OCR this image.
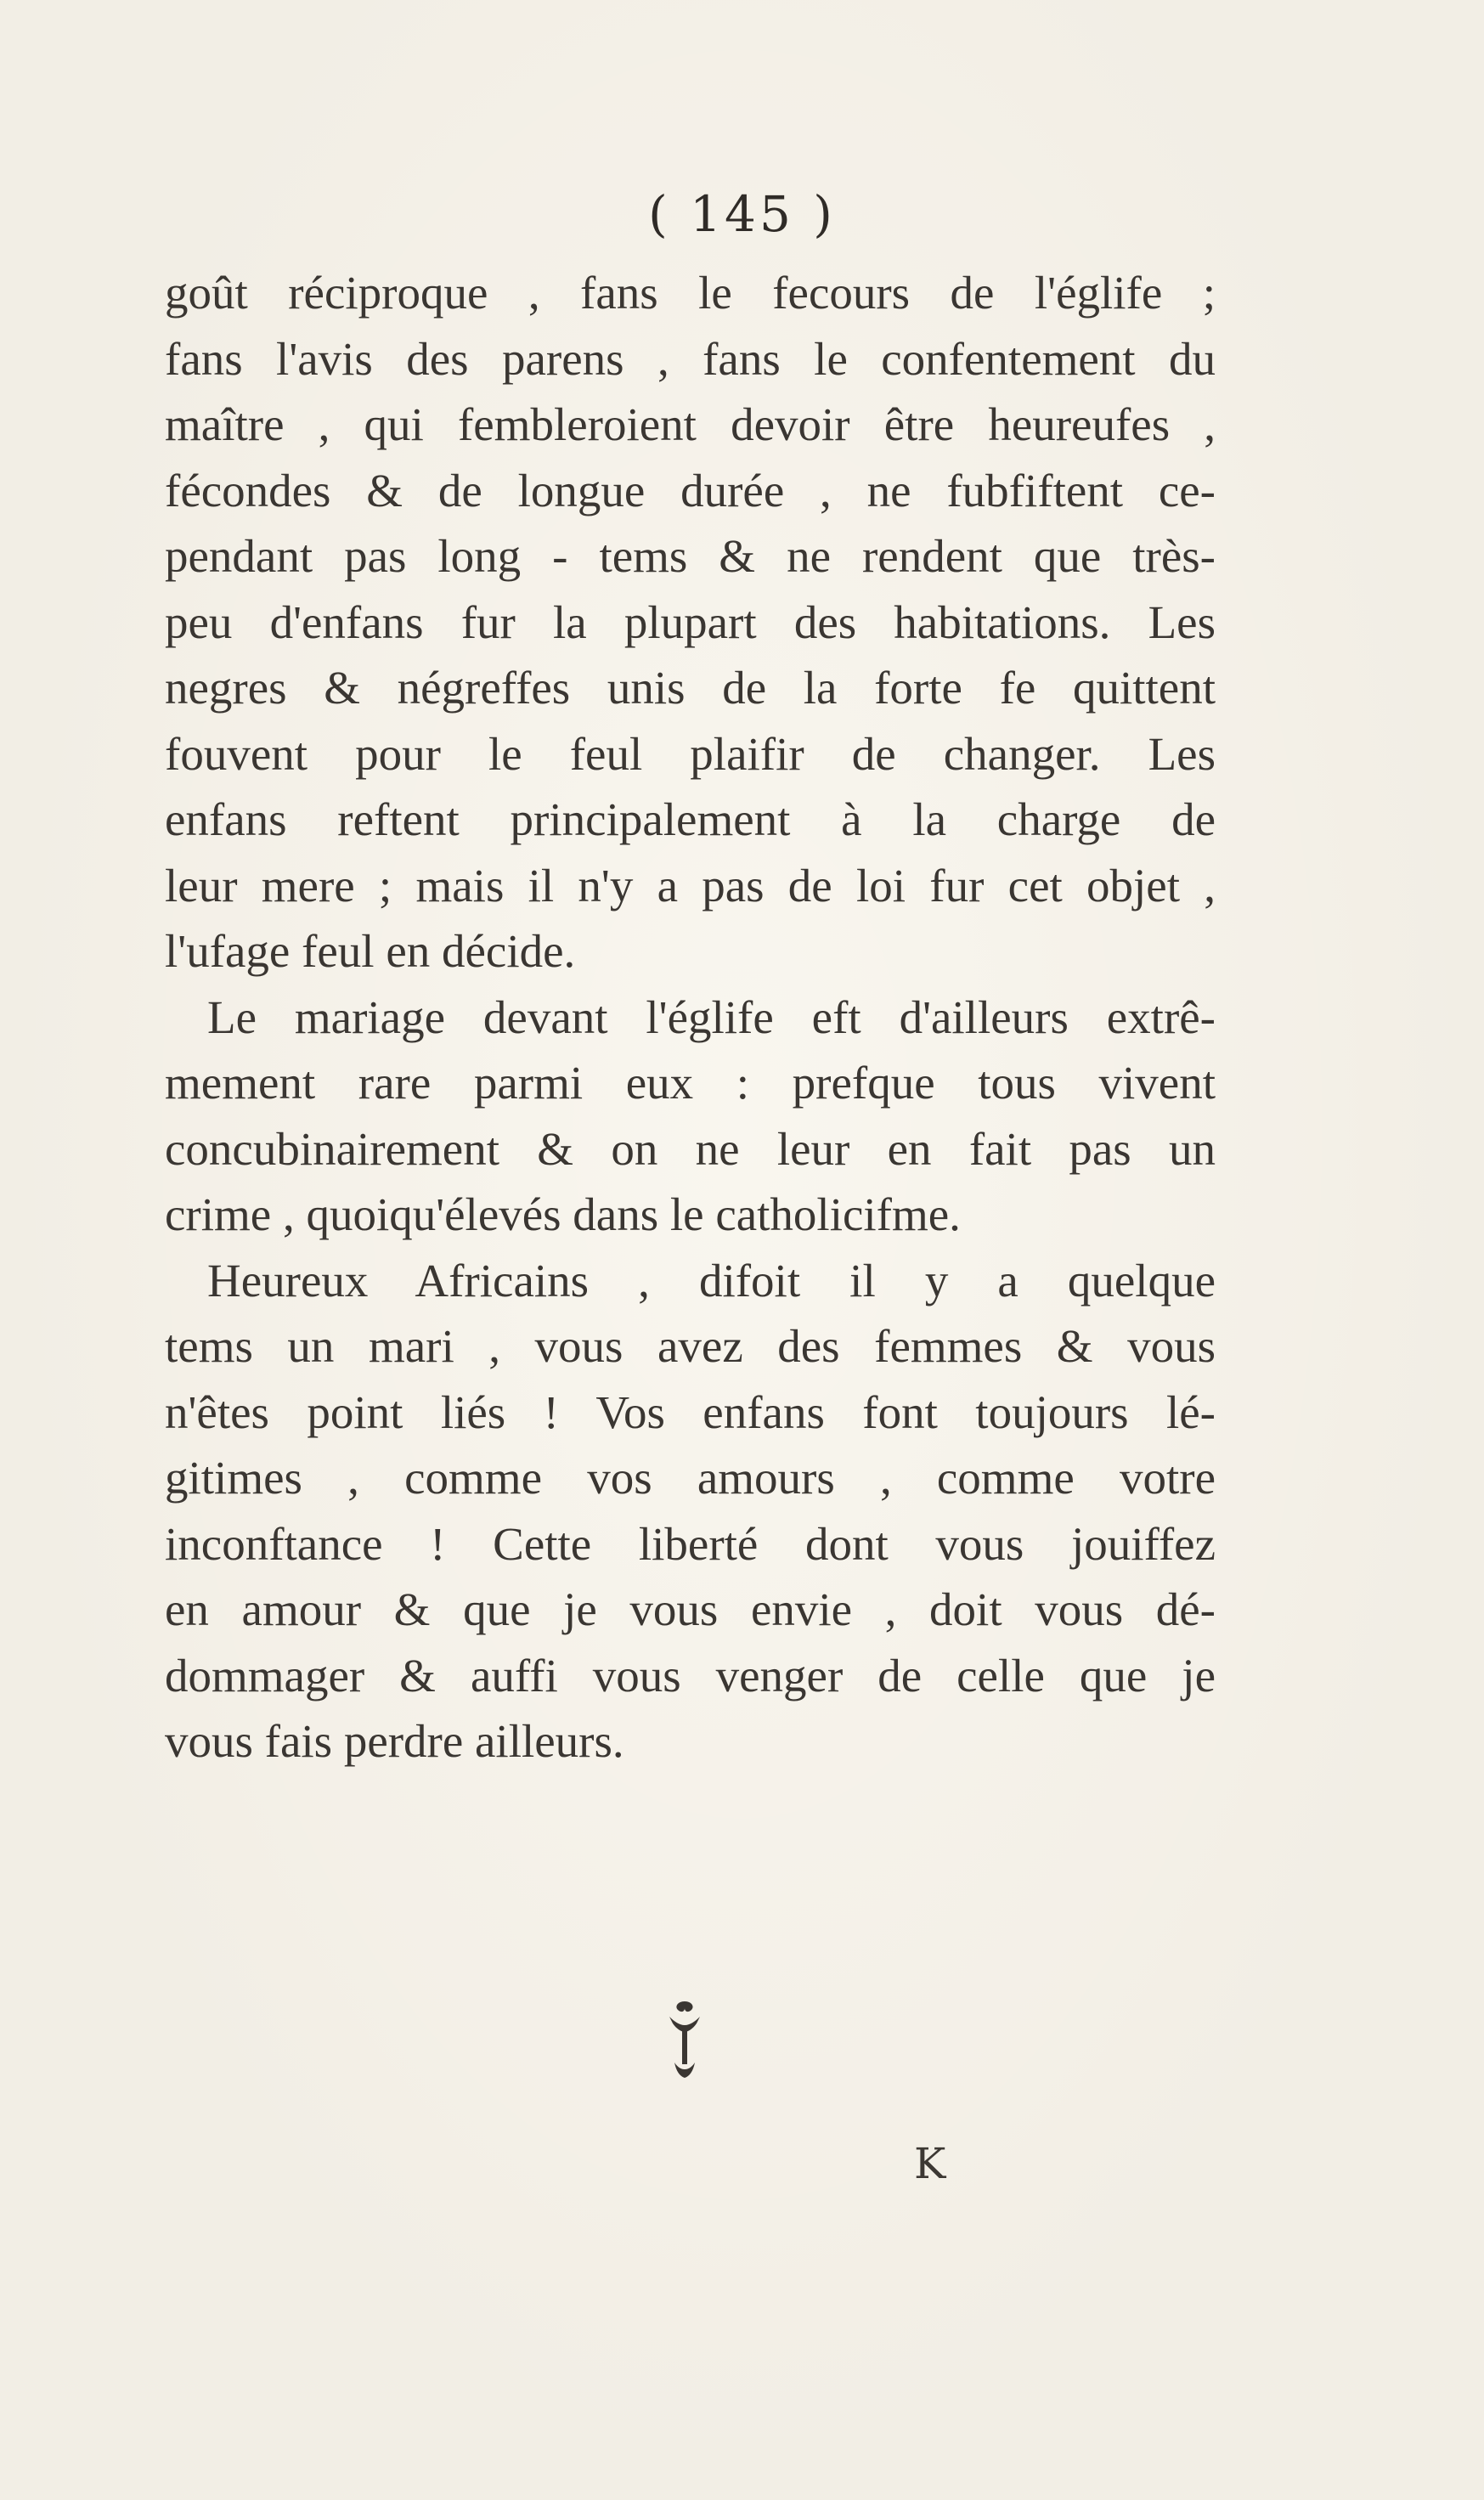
( 145 )
goût réciproque , fans le fecours de l'églife ;
fans l'avis des parens , fans le confentement du
maître , qui fembleroient devoir être heureufes ,
fécondes & de longue durée , ne fubfiftent ce-
pendant pas long - tems & ne rendent que très-
peu d'enfans fur la plupart des habitations. Les
negres & négreffes unis de la forte fe quittent
fouvent pour le feul plaifir de changer. Les
enfans reftent principalement à la charge de
leur mere ; mais il n'y a pas de loi fur cet objet ,
l'ufage feul en décide.
Le mariage devant l'églife eft d'ailleurs extrê-
mement rare parmi eux : prefque tous vivent
concubinairement & on ne leur en fait pas un
crime , quoiqu'élevés dans le catholicifme.
Heureux Africains , difoit il y a quelque
tems un mari , vous avez des femmes & vous
n'êtes point liés ! Vos enfans font toujours lé-
gitimes , comme vos amours , comme votre
inconftance ! Cette liberté dont vous jouiffez
en amour & que je vous envie , doit vous dé-
dommager & auffi vous venger de celle que je
vous fais perdre ailleurs.
K
